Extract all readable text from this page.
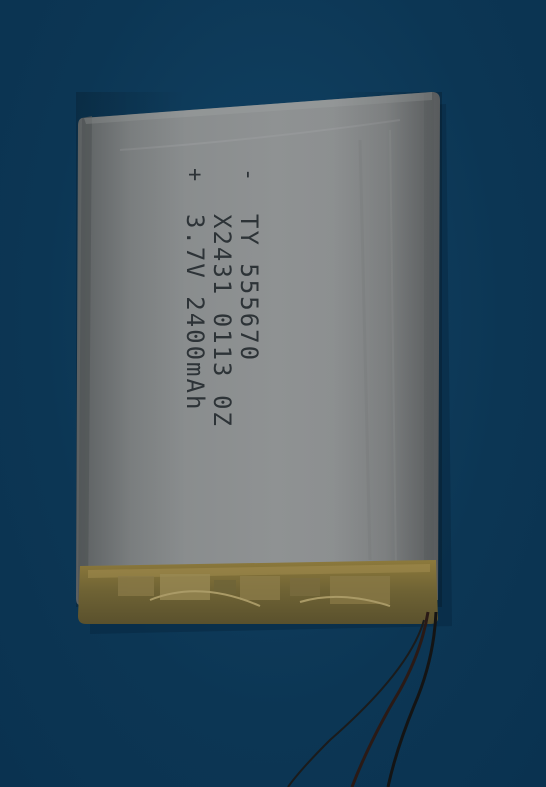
-
TY 555670
X2431 0113 0Z
+
3.7V 2400mAh
